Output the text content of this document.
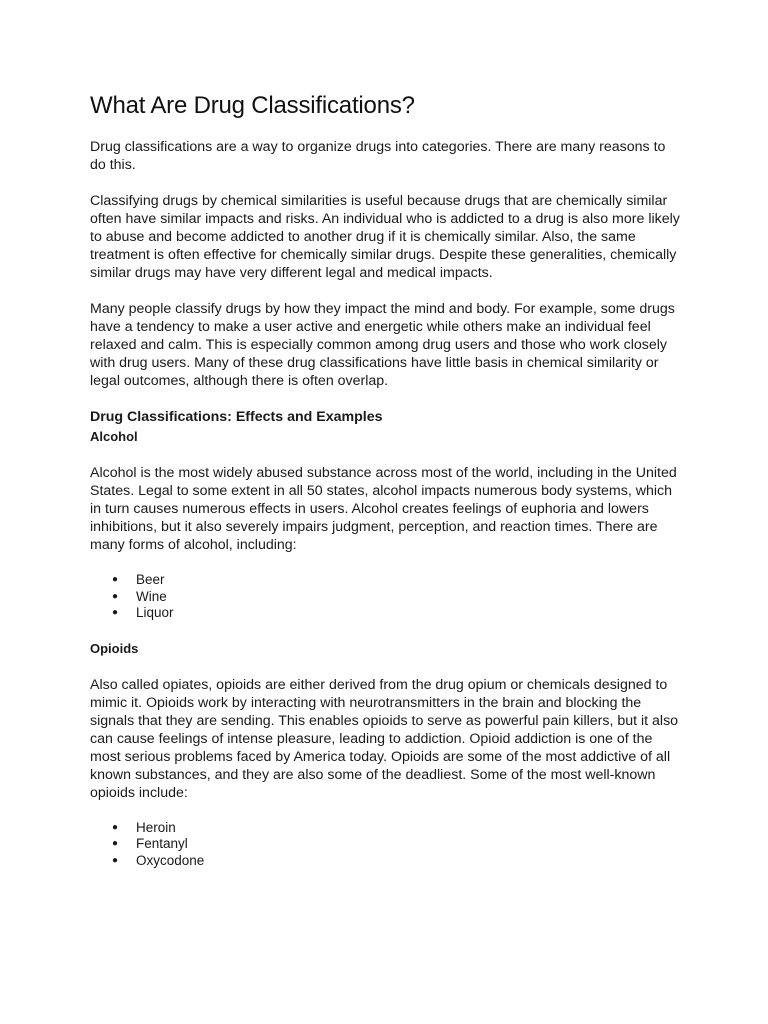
What Are Drug Classifications?

Drug classifications are a way to organize drugs into categories. There are many reasons to do this.

Classifying drugs by chemical similarities is useful because drugs that are chemically similar often have similar impacts and risks. An individual who is addicted to a drug is also more likely to abuse and become addicted to another drug if it is chemically similar. Also, the same treatment is often effective for chemically similar drugs. Despite these generalities, chemically similar drugs may have very different legal and medical impacts.

Many people classify drugs by how they impact the mind and body. For example, some drugs have a tendency to make a user active and energetic while others make an individual feel relaxed and calm. This is especially common among drug users and those who work closely with drug users. Many of these drug classifications have little basis in chemical similarity or legal outcomes, although there is often overlap.

Drug Classifications: Effects and Examples
Alcohol

Alcohol is the most widely abused substance across most of the world, including in the United States. Legal to some extent in all 50 states, alcohol impacts numerous body systems, which in turn causes numerous effects in users. Alcohol creates feelings of euphoria and lowers inhibitions, but it also severely impairs judgment, perception, and reaction times. There are many forms of alcohol, including:

● Beer
● Wine
● Liquor
Opioids

Also called opiates, opioids are either derived from the drug opium or chemicals designed to mimic it. Opioids work by interacting with neurotransmitters in the brain and blocking the signals that they are sending. This enables opioids to serve as powerful pain killers, but it also can cause feelings of intense pleasure, leading to addiction. Opioid addiction is one of the most serious problems faced by America today. Opioids are some of the most addictive of all known substances, and they are also some of the deadliest. Some of the most well-known opioids include:

● Heroin
● Fentanyl
● Oxycodone
